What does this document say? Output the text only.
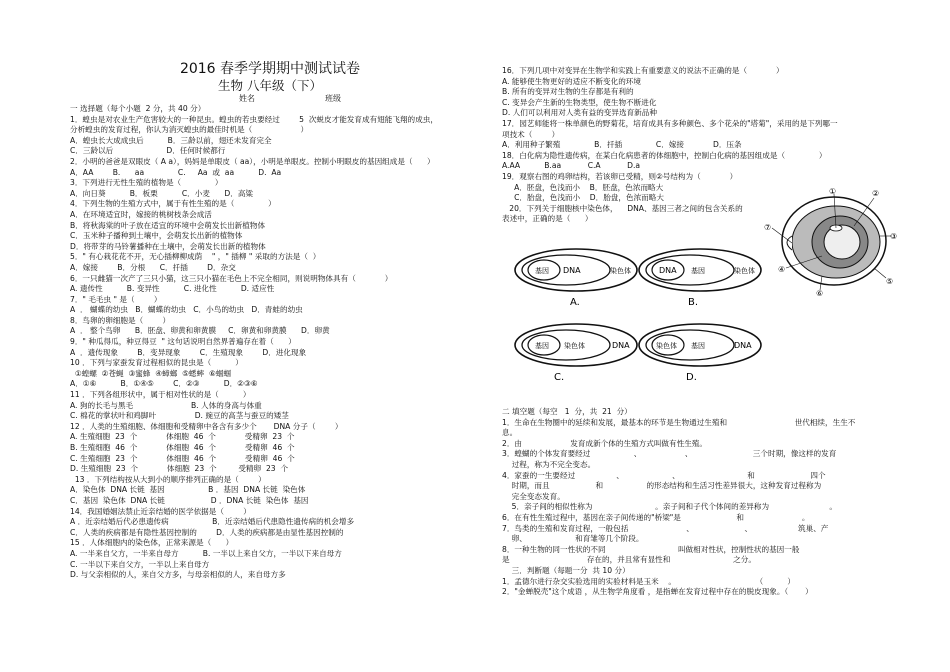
2016 春季学期期中测试试卷
生物 八年级（下）
姓名	班级
一 选择题（每个小题  2 分，共 40 分）
1．蝗虫是对农业生产危害较大的一种昆虫。蝗虫的若虫要经过        5  次蜕皮才能发育成有翅能飞翔的成虫，
分析蝗虫的发育过程，你认为消灭蝗虫的最佳时机是（                    ）
A．蝗虫长大成成虫后          B．三龄以前，翅还未发育完全
C．三龄以后                      D．任何时候都行
2．小明的爸爸是双眼皮（ A a），妈妈是单眼皮（ aa），小明是单眼皮。控制小明眼皮的基因组成是（      ）
A．AA        B.      aa              C.     Aa  或  aa          D.  Aa
3．下列进行无性生殖的植物是（              ）
A．向日葵          B．板栗          C．小麦      D．高粱
4．下列生物的生殖方式中，属于有性生殖的是（              ）
A．在环境适宜时，嫁接的桃树枝条会成活
B．将秋海棠的叶子放在适宜的环境中会萌发长出新植物体
C．玉米种子播种到土壤中，会萌发长出新的植物体
D．将带芽的马铃薯播种在土壤中，会萌发长出新的植物体
5．" 有心栽花花不开，无心插柳柳成荫    " ，" 插柳 " 采取的方法是（  ）
A．嫁接        B．分根      C．扦插        D．杂交
6．一只雌猫一次产了三只小猫，这三只小猫在毛色上不完全相同，则说明物体具有（            ）
A. 遗传性          B. 变异性          C. 进化性          D. 适应性
7．" 毛毛虫 " 是（        ）
A  ． 蝴蝶的幼虫   B．蝴蝶的幼虫   C．小鸟的幼虫   D．青蛙的幼虫
8．鸟卵的卵细胞是（        ）
A  ． 整个鸟卵      B．胚盘、卵黄和卵黄膜     C．卵黄和卵黄膜      D．卵黄
9．" 种瓜得瓜，种豆得豆  " 这句话说明自然界普遍存在着（      ）
A  ．遗传现象        B．变异现象        C．生殖现象        D．进化现象
10 ．下列与家蚕发育过程相似的昆虫是（          ）
①蝗螺  ②苍蝇  ③蜜蜂  ④蟑螂  ⑤蟋蟀  ⑥蝈蝈
A．①⑥          B．①④⑤        C．②③          D．②③⑥
11 ．下列各组形状中，属于相对性状的是（          ）
A. 狗的长毛与黑毛                        B. 人体的身高与体重
C. 棉花的掌状叶和鸡脚叶                D. 豌豆的高茎与蚕豆的矮茎
12 ．人类的生殖细胞、体细胞和受精卵中各含有多少个       DNA 分子（        ）
A. 生殖细胞  23  个            体细胞  46  个            受精卵  23  个
B. 生殖细胞  46  个            体细胞  46  个            受精卵  46  个
C. 生殖细胞  23  个            体细胞  46  个            受精卵  46  个
D. 生殖细胞  23  个            体细胞  23  个         受精卵  23  个
13 ．下列结构按从大到小的顺序排列正确的是（        ）
A．染色体  DNA 长链  基因                  B ．基因  DNA 长链  染色体
C．基因  染色体  DNA 长链                   D ．DNA 长链  染色体  基因
14．我国婚姻法禁止近亲结婚的医学依据是（        ）
A ．近亲结婚后代必患遗传病                  B．近亲结婚后代患隐性遗传病的机会增多
C．人类的疾病都是有隐性基因控制的        D．人类的疾病都是由显性基因控制的
15 ．人体细胞内的染色体，正常来源是（      ）
A. 一半来自父方，一半来自母方          B. 一半以上来自父方，一半以下来自母方
C. 一半以下来自父方，一半以上来自母方
D. 与父亲相似的人，来自父方多，与母亲相似的人，来自母方多
16．下列几项中对变异在生物学和实践上有重要意义的说法不正确的是（            ）
A. 能够使生物更好的适应不断变化的环境
B. 所有的变异对生物的生存都是有利的
C. 变异会产生新的生物类型，使生物不断进化
D. 人们可以利用对人类有益的变异选育新品种
17．园艺师能将一株单颜色的野菊花，培育成具有多种颜色、多个花朵的"塔菊"，采用的是下列哪一
项技术（        ）
A．利用种子繁殖              B．扦插              C．嫁接            D．压条
18．白化病为隐性遗传病，在某白化病患者的体细胞中，控制白化病的基因组成是（              ）
A.AA          B.aa           C.A           D.a
19．观察右图的鸡卵结构，若该卵已受精，则②号结构为（            ）
A．胚盘，色浅而小    B．胚盘，色浓而略大
C．胎盘，色浅而小    D．胎盘，色浓而略大
20．下列关于细胞核中染色体，    DNA、基因三者之间的包含关系的
表述中，正确的是（      ）
①	②
③
⑤
⑥
⑦
④
基因 DNA	染色体
A.
DNA 基因	染色体
B.
基因 染色体	DNA
C.
染色体 基因	DNA
D.
二 填空题（每空   1  分，共  21  分）
1．生命在生物圈中的延续和发展，最基本的环节是生物通过生殖和                            世代相续，生生不
息。
2．由                    发育成新个体的生殖方式叫做有性生殖。
3．蝗蝴的个体发育要经过                  、                  、                         三个时期，像这样的发育
过程，称为不完全变态。
4．家蚕的一生要经过                 、                    、                            和                       四个
时期，而且                   和                  的形态结构和生活习性差异很大，这种发育过程称为
完全变态发育。
5．亲子间的相似性称为                          。亲子间和子代个体间的差异称为                         。
6．在有性生殖过程中，基因在亲子间传递的"桥梁"是                       和                        。
7．鸟类的生殖和发育过程，一般包括                        、                     、                   筑巢、产
卵、                    和育雏等几个阶段。
8．一种生物的同一性状的不同                              叫做相对性状，控制性状的基因一般
是                                存在的，并且常有显性和                          之分。
三．判断题（每题一分  共 10 分）
1．孟德尔进行杂交实验选用的实验材料是玉米    。                                 （          ）
2．"金蝉脱壳"这个成语 ，从生物学角度看 ，是指蝉在发育过程中存在的脱皮现象。（       ）
